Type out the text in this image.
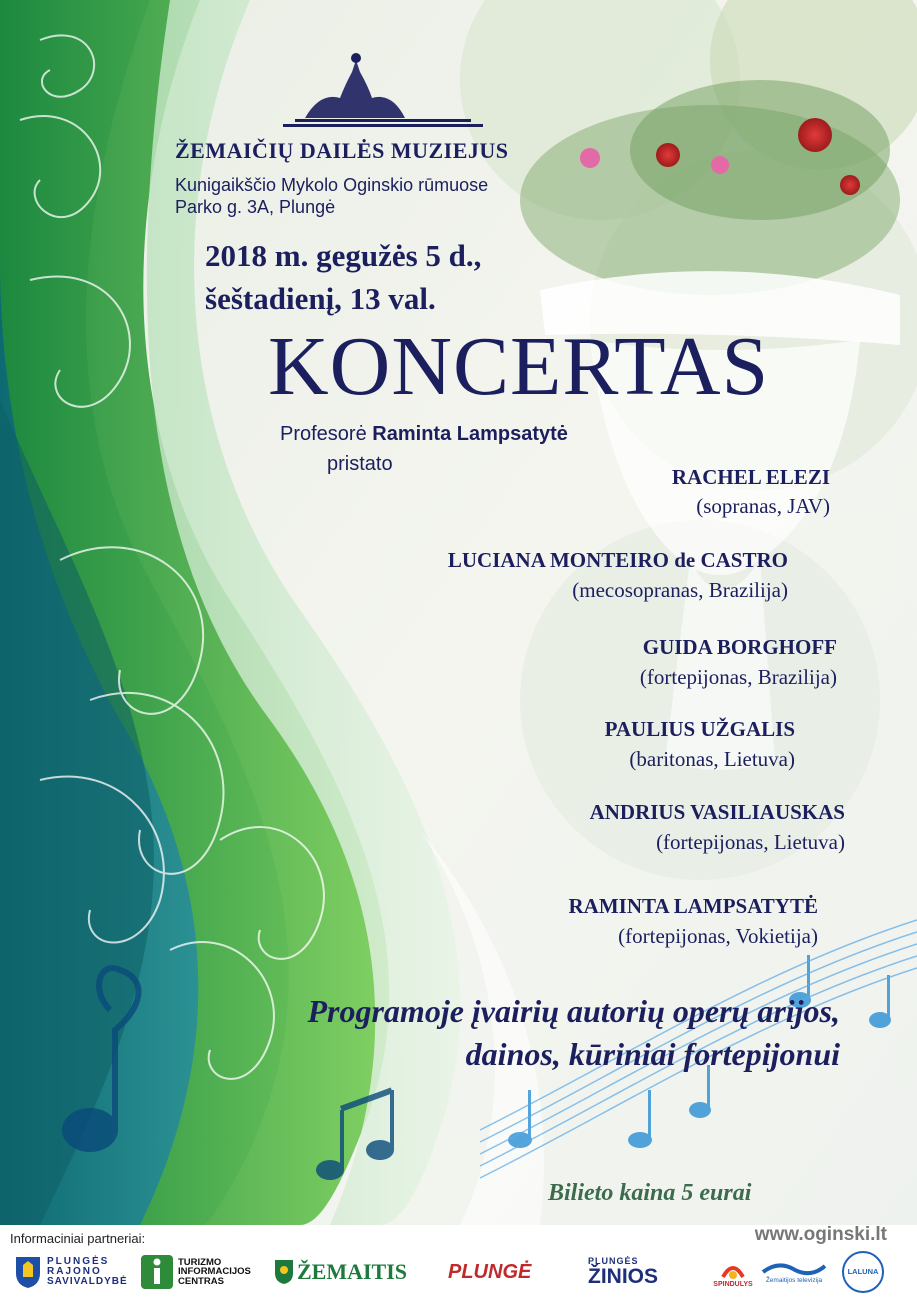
ŽEMAIČIŲ DAILĖS MUZIEJUS
Kunigaikščio Mykolo Oginskio rūmuose
Parko g. 3A, Plungė
2018 m. gegužės 5 d.,
šeštadienį, 13 val.
KONCERTAS
Profesorė Raminta Lampsatytė
pristato
RACHEL ELEZI
(sopranas, JAV)
LUCIANA MONTEIRO de CASTRO
(mecosopranas, Brazilija)
GUIDA BORGHOFF
(fortepijonas, Brazilija)
PAULIUS UŽGALIS
(baritonas, Lietuva)
ANDRIUS VASILIAUSKAS
(fortepijonas, Lietuva)
RAMINTA LAMPSATYTĖ
(fortepijonas, Vokietija)
Programoje įvairių autorių operų arijos,
dainos, kūriniai fortepijonui
Bilieto kaina 5 eurai
Informaciniai partneriai:	www.oginski.lt
PLUNGĖS
RAJONO
SAVIVALDYBĖ
TURIZMO
INFORMACIJOS
CENTRAS	ŽEMAITIS PLUNGĖ	PLUNGĖS
ŽINIOS	SPINDULYS
Žemaitijos televizija
LALUNA
